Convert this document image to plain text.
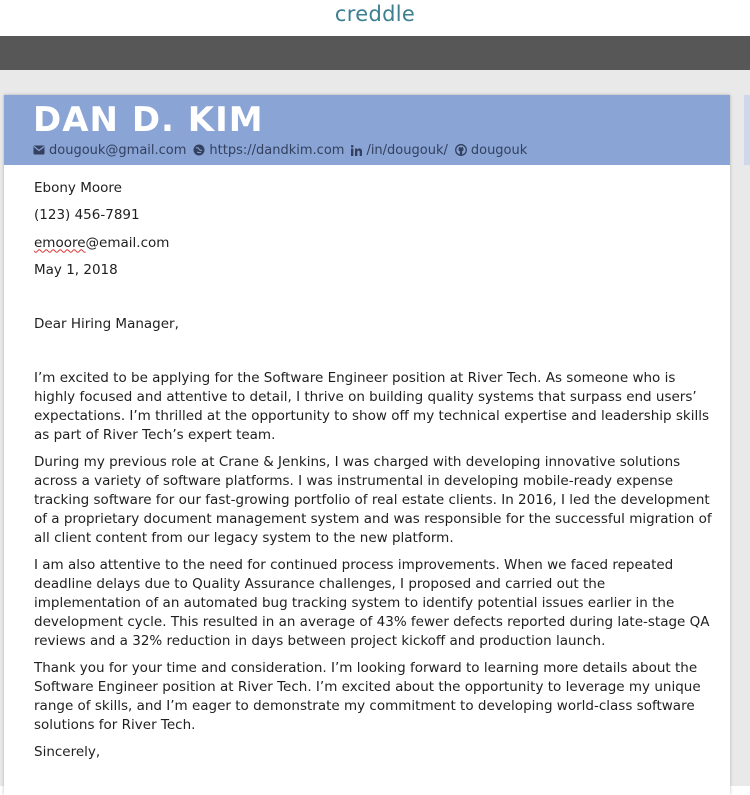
creddle
DAN D. KIM
dougouk@gmail.com https://dandkim.com /in/dougouk/ dougouk
Ebony Moore
(123) 456-7891
emoore@email.com
May 1, 2018
Dear Hiring Manager,

I’m excited to be applying for the Software Engineer position at River Tech. As someone who is highly focused and attentive to detail, I thrive on building quality systems that surpass end users’ expectations. I’m thrilled at the opportunity to show off my technical expertise and leadership skills as part of River Tech’s expert team.

During my previous role at Crane & Jenkins, I was charged with developing innovative solutions across a variety of software platforms. I was instrumental in developing mobile-ready expense tracking software for our fast-growing portfolio of real estate clients. In 2016, I led the development of a proprietary document management system and was responsible for the successful migration of all client content from our legacy system to the new platform.

I am also attentive to the need for continued process improvements. When we faced repeated deadline delays due to Quality Assurance challenges, I proposed and carried out the implementation of an automated bug tracking system to identify potential issues earlier in the development cycle. This resulted in an average of 43% fewer defects reported during late-stage QA reviews and a 32% reduction in days between project kickoff and production launch.

Thank you for your time and consideration. I’m looking forward to learning more details about the Software Engineer position at River Tech. I’m excited about the opportunity to leverage my unique range of skills, and I’m eager to demonstrate my commitment to developing world-class software solutions for River Tech.

Sincerely,
